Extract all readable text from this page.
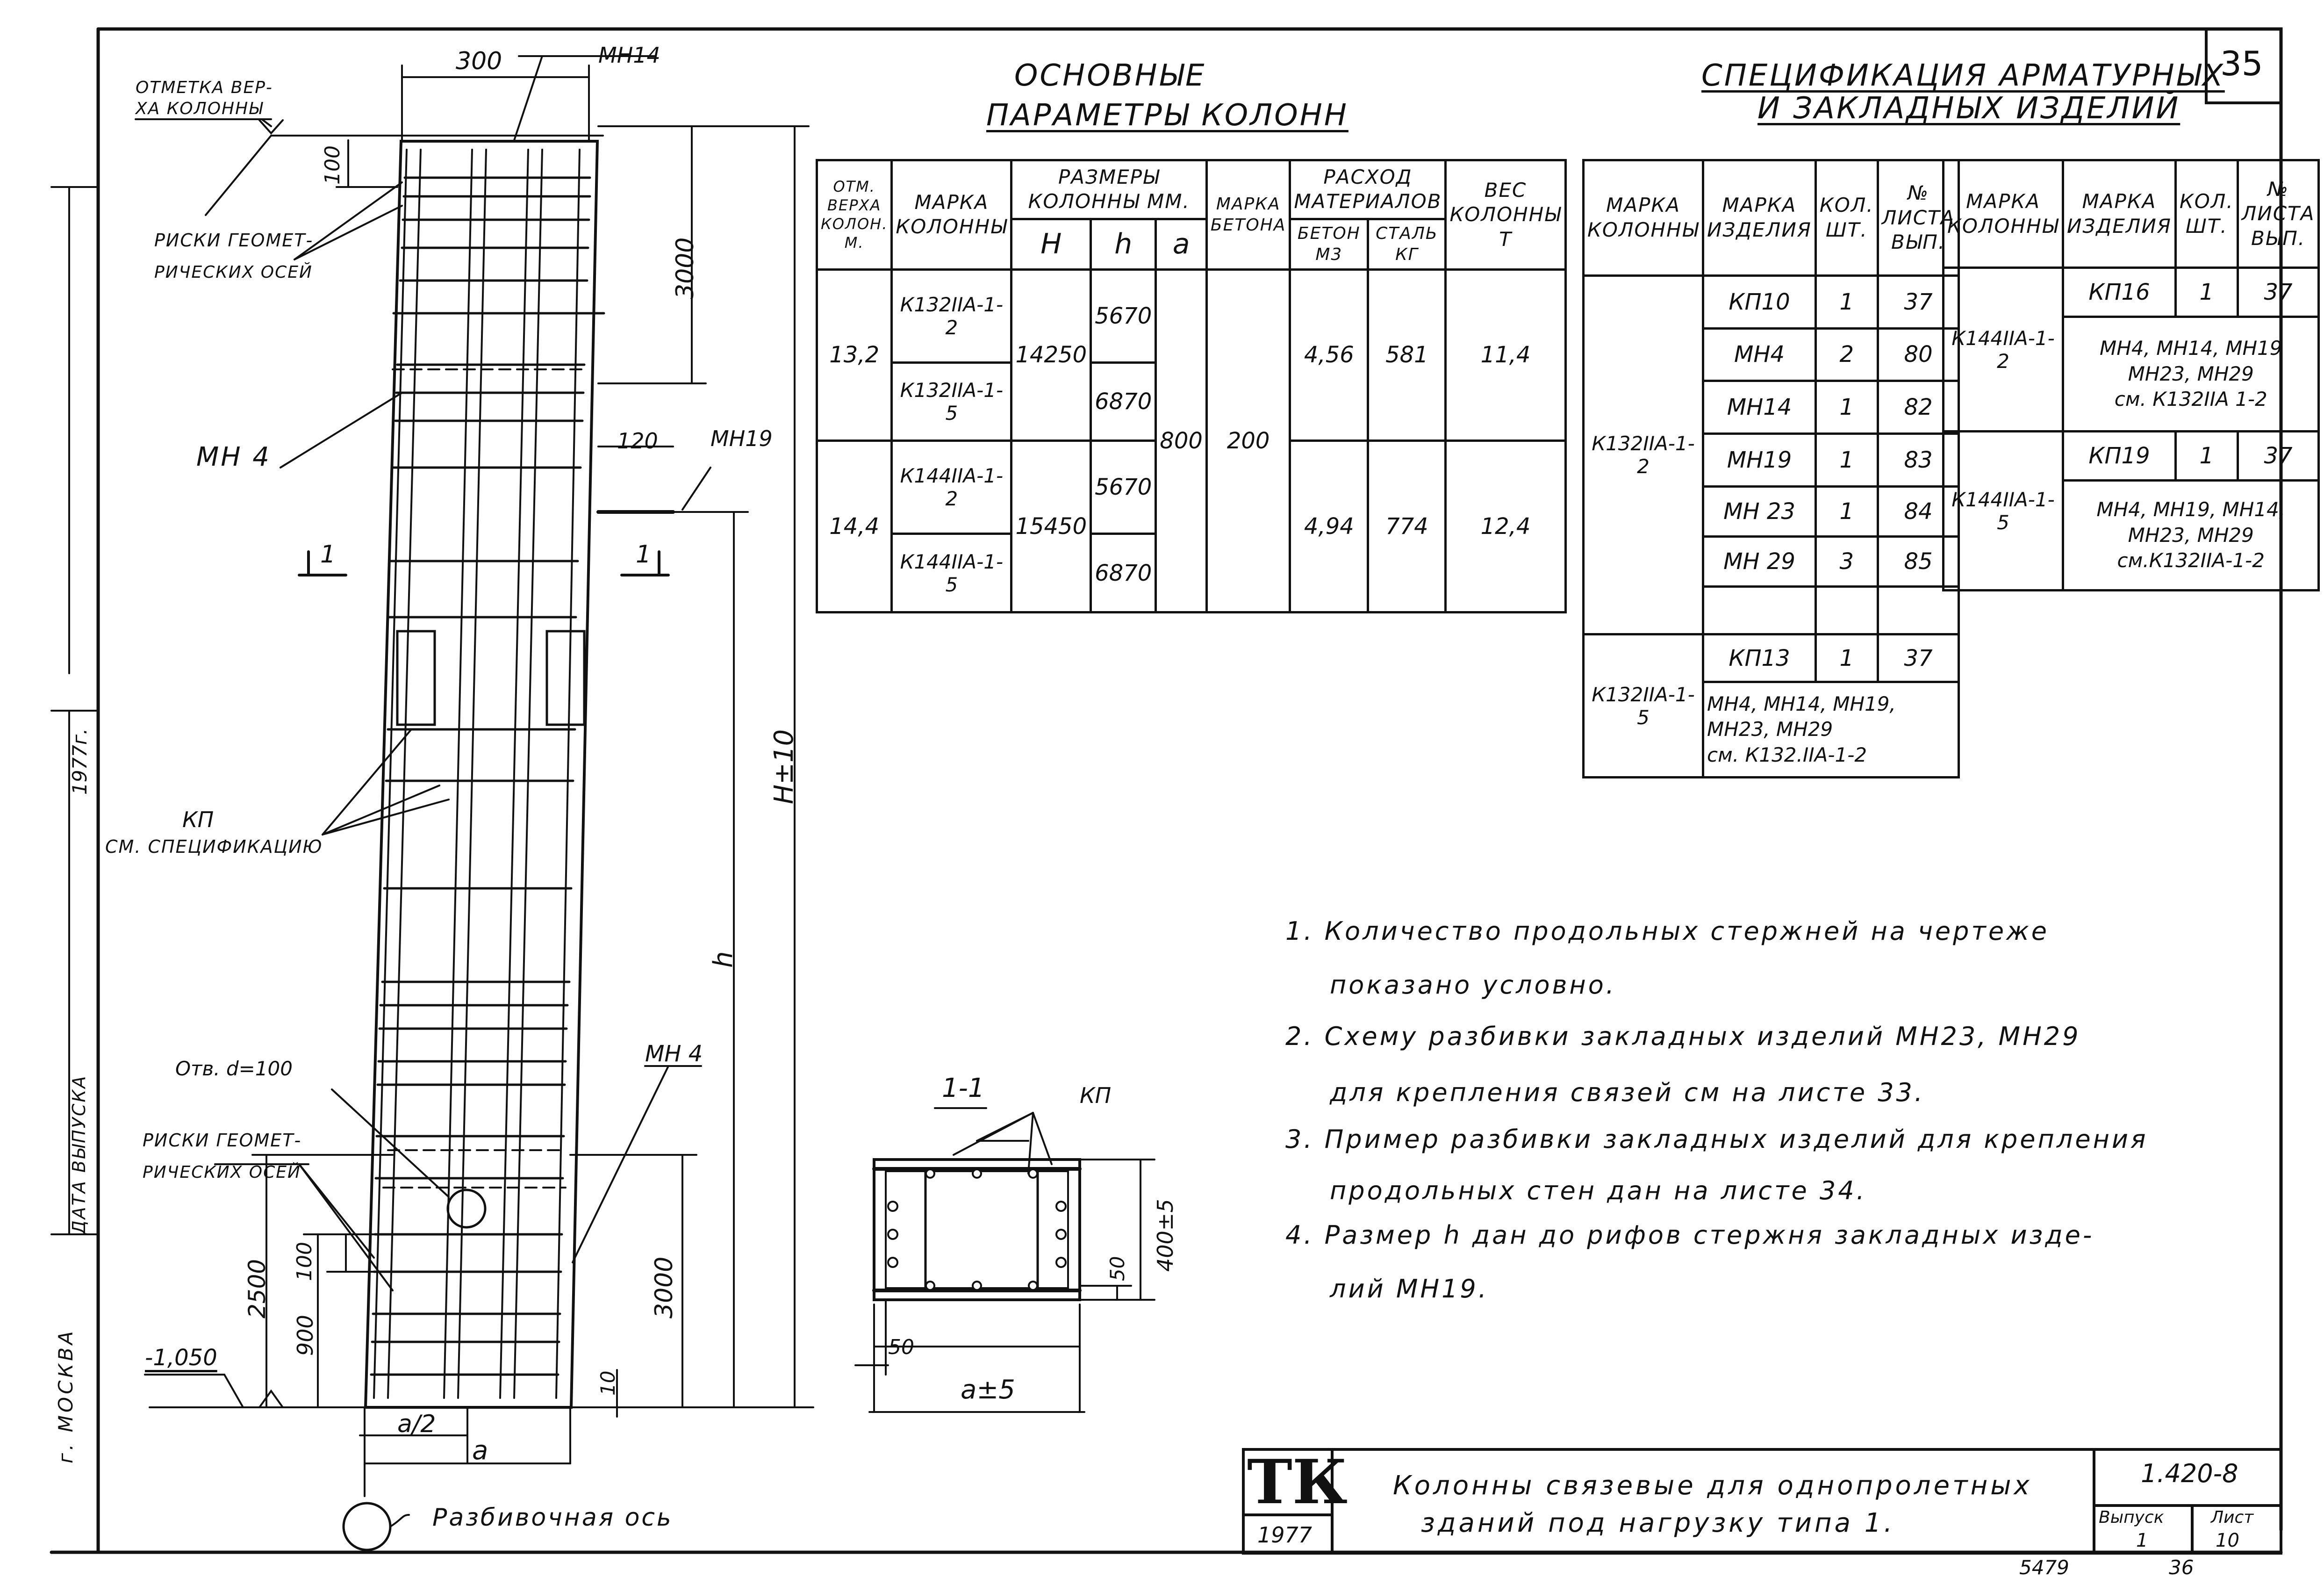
г. МОСКВА
ДАТА ВЫПУСКА
1977г.
35
ОТМЕТКА ВЕР-
ХА КОЛОННЫ
300	МН14
100
РИСКИ ГЕОМЕТ-
РИЧЕСКИХ ОСЕЙ	3000
МН 4
120 МН19
1	1
H±10
h
КП
СМ. СПЕЦИФИКАЦИЮ
Отв. d=100
МН 4
РИСКИ ГЕОМЕТ-
РИЧЕСКИХ ОСЕЙ
2500 100
900
3000
10
-1,050
a/2
a
Разбивочная ось
1-1	КП
400±5
50
50
a±5
ОСНОВНЫЕ
ПАРАМЕТРЫ КОЛОНН
ОТМ. ВЕРХА КОЛОН. М.	МАРКА КОЛОННЫ	РАЗМЕРЫ КОЛОННЫ ММ.			МАРКА БЕТОНА	РАСХОД МАТЕРИАЛОВ		ВЕС КОЛОННЫ Т
		H	h	a		БЕТОН М3	СТАЛЬ КГ	
13,2	К132IIА-1-2	14250	5670	800	200	4,56	581	11,4
	К132IIА-1-5		6870					
14,4	К144IIА-1-2	15450	5670			4,94	774	12,4
	К144IIА-1-5		6870					
СПЕЦИФИКАЦИЯ АРМАТУРНЫХ
И ЗАКЛАДНЫХ ИЗДЕЛИЙ
МАРКА КОЛОННЫ	МАРКА ИЗДЕЛИЯ	КОЛ. ШТ.	№ ЛИСТА ВЫП.
К132IIА-1-2	КП10	1	37
	МН4	2	80
	МН14	1	82
	МН19	1	83
	МН 23	1	84
	МН 29	3	85

К132IIА-1-5	КП13	1	37

	МН4, МН14, МН19,
МН23, МН29
см. К132.IIА-1-2		
МАРКА КОЛОННЫ	МАРКА ИЗДЕЛИЯ	КОЛ. ШТ.	№ ЛИСТА ВЫП.
К144IIА-1-2	КП16	1	37

	МН4, МН14, МН19
МН23, МН29
см. К132IIА 1-2		

К144IIА-1-5	КП19	1	37

	МН4, МН19, МН14,
МН23, МН29
см.К132IIА-1-2		
1. Количество продольных стержней на чертеже
показано условно.
2. Схему разбивки закладных изделий МН23, МН29
для крепления связей см на листе 33.
3. Пример разбивки закладных изделий для крепления
продольных стен дан на листе 34.
4. Размер h дан до рифов стержня закладных изде-
лий МН19.
ТК
1977
Колонны связевые для однопролетных
зданий под нагрузку типа 1.
1.420-8
Выпуск
1
Лист
10
5479	36
